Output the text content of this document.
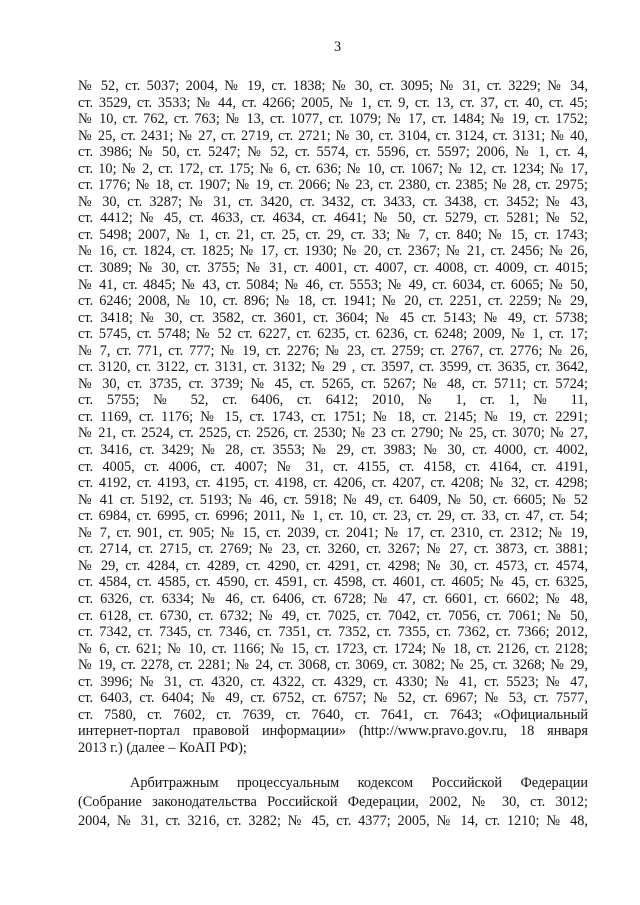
3
№ 52, ст. 5037; 2004, № 19, ст. 1838; № 30, ст. 3095; № 31, ст. 3229; № 34,
ст. 3529, ст. 3533; № 44, ст. 4266; 2005, № 1, ст. 9, ст. 13, ст. 37, ст. 40, ст. 45;
№ 10, ст. 762, ст. 763; № 13, ст. 1077, ст. 1079; № 17, ст. 1484; № 19, ст. 1752;
№ 25, ст. 2431; № 27, ст. 2719, ст. 2721; № 30, ст. 3104, ст. 3124, ст. 3131; № 40,
ст. 3986; № 50, ст. 5247; № 52, ст. 5574, ст. 5596, ст. 5597; 2006, № 1, ст. 4,
ст. 10; № 2, ст. 172, ст. 175; № 6, ст. 636; № 10, ст. 1067; № 12, ст. 1234; № 17,
ст. 1776; № 18, ст. 1907; № 19, ст. 2066; № 23, ст. 2380, ст. 2385; № 28, ст. 2975;
№ 30, ст. 3287; № 31, ст. 3420, ст. 3432, ст. 3433, ст. 3438, ст. 3452; № 43,
ст. 4412; № 45, ст. 4633, ст. 4634, ст. 4641; № 50, ст. 5279, ст. 5281; № 52,
ст. 5498; 2007, № 1, ст. 21, ст. 25, ст. 29, ст. 33; № 7, ст. 840; № 15, ст. 1743;
№ 16, ст. 1824, ст. 1825; № 17, ст. 1930; № 20, ст. 2367; № 21, ст. 2456; № 26,
ст. 3089; № 30, ст. 3755; № 31, ст. 4001, ст. 4007, ст. 4008, ст. 4009, ст. 4015;
№ 41, ст. 4845; № 43, ст. 5084; № 46, ст. 5553; № 49, ст. 6034, ст. 6065; № 50,
ст. 6246; 2008, № 10, ст. 896; № 18, ст. 1941; № 20, ст. 2251, ст. 2259; № 29,
ст. 3418; № 30, ст. 3582, ст. 3601, ст. 3604; № 45 ст. 5143; № 49, ст. 5738;
ст. 5745, ст. 5748; № 52 ст. 6227, ст. 6235, ст. 6236, ст. 6248; 2009, № 1, ст. 17;
№ 7, ст. 771, ст. 777; № 19, ст. 2276; № 23, ст. 2759; ст. 2767, ст. 2776; № 26,
ст. 3120, ст. 3122, ст. 3131, ст. 3132; № 29 , ст. 3597, ст. 3599, ст. 3635, ст. 3642,
№ 30, ст. 3735, ст. 3739; № 45, ст. 5265, ст. 5267; № 48, ст. 5711; ст. 5724;
ст. 5755; № 52, ст. 6406, ст. 6412; 2010, № 1, ст. 1, № 11,
ст. 1169, ст. 1176; № 15, ст. 1743, ст. 1751; № 18, ст. 2145; № 19, ст. 2291;
№ 21, ст. 2524, ст. 2525, ст. 2526, ст. 2530; № 23 ст. 2790; № 25, ст. 3070; № 27,
ст. 3416, ст. 3429; № 28, ст. 3553; № 29, ст. 3983; № 30, ст. 4000, ст. 4002,
ст. 4005, ст. 4006, ст. 4007; № 31, ст. 4155, ст. 4158, ст. 4164, ст. 4191,
ст. 4192, ст. 4193, ст. 4195, ст. 4198, ст. 4206, ст. 4207, ст. 4208; № 32, ст. 4298;
№ 41 ст. 5192, ст. 5193; № 46, ст. 5918; № 49, ст. 6409, № 50, ст. 6605; № 52
ст. 6984, ст. 6995, ст. 6996; 2011, № 1, ст. 10, ст. 23, ст. 29, ст. 33, ст. 47, ст. 54;
№ 7, ст. 901, ст. 905; № 15, ст. 2039, ст. 2041; № 17, ст. 2310, ст. 2312; № 19,
ст. 2714, ст. 2715, ст. 2769; № 23, ст. 3260, ст. 3267; № 27, ст. 3873, ст. 3881;
№ 29, ст. 4284, ст. 4289, ст. 4290, ст. 4291, ст. 4298; № 30, ст. 4573, ст. 4574,
ст. 4584, ст. 4585, ст. 4590, ст. 4591, ст. 4598, ст. 4601, ст. 4605; № 45, ст. 6325,
ст. 6326, ст. 6334; № 46, ст. 6406, ст. 6728; № 47, ст. 6601, ст. 6602; № 48,
ст. 6128, ст. 6730, ст. 6732; № 49, ст. 7025, ст. 7042, ст. 7056, ст. 7061; № 50,
ст. 7342, ст. 7345, ст. 7346, ст. 7351, ст. 7352, ст. 7355, ст. 7362, ст. 7366; 2012,
№ 6, ст. 621; № 10, ст. 1166; № 15, ст. 1723, ст. 1724; № 18, ст. 2126, ст. 2128;
№ 19, ст. 2278, ст. 2281; № 24, ст. 3068, ст. 3069, ст. 3082; № 25, ст. 3268; № 29,
ст. 3996; № 31, ст. 4320, ст. 4322, ст. 4329, ст. 4330; № 41, ст. 5523; № 47,
ст. 6403, ст. 6404; № 49, ст. 6752, ст. 6757; № 52, ст. 6967; № 53, ст. 7577,
ст. 7580, ст. 7602, ст. 7639, ст. 7640, ст. 7641, ст. 7643; «Официальный
интернет-портал правовой информации» (http://www.pravo.gov.ru, 18 января
2013 г.) (далее – КоАП РФ);
Арбитражным процессуальным кодексом Российской Федерации
(Собрание законодательства Российской Федерации, 2002, № 30, ст. 3012;
2004, № 31, ст. 3216, ст. 3282; № 45, ст. 4377; 2005, № 14, ст. 1210; № 48,
